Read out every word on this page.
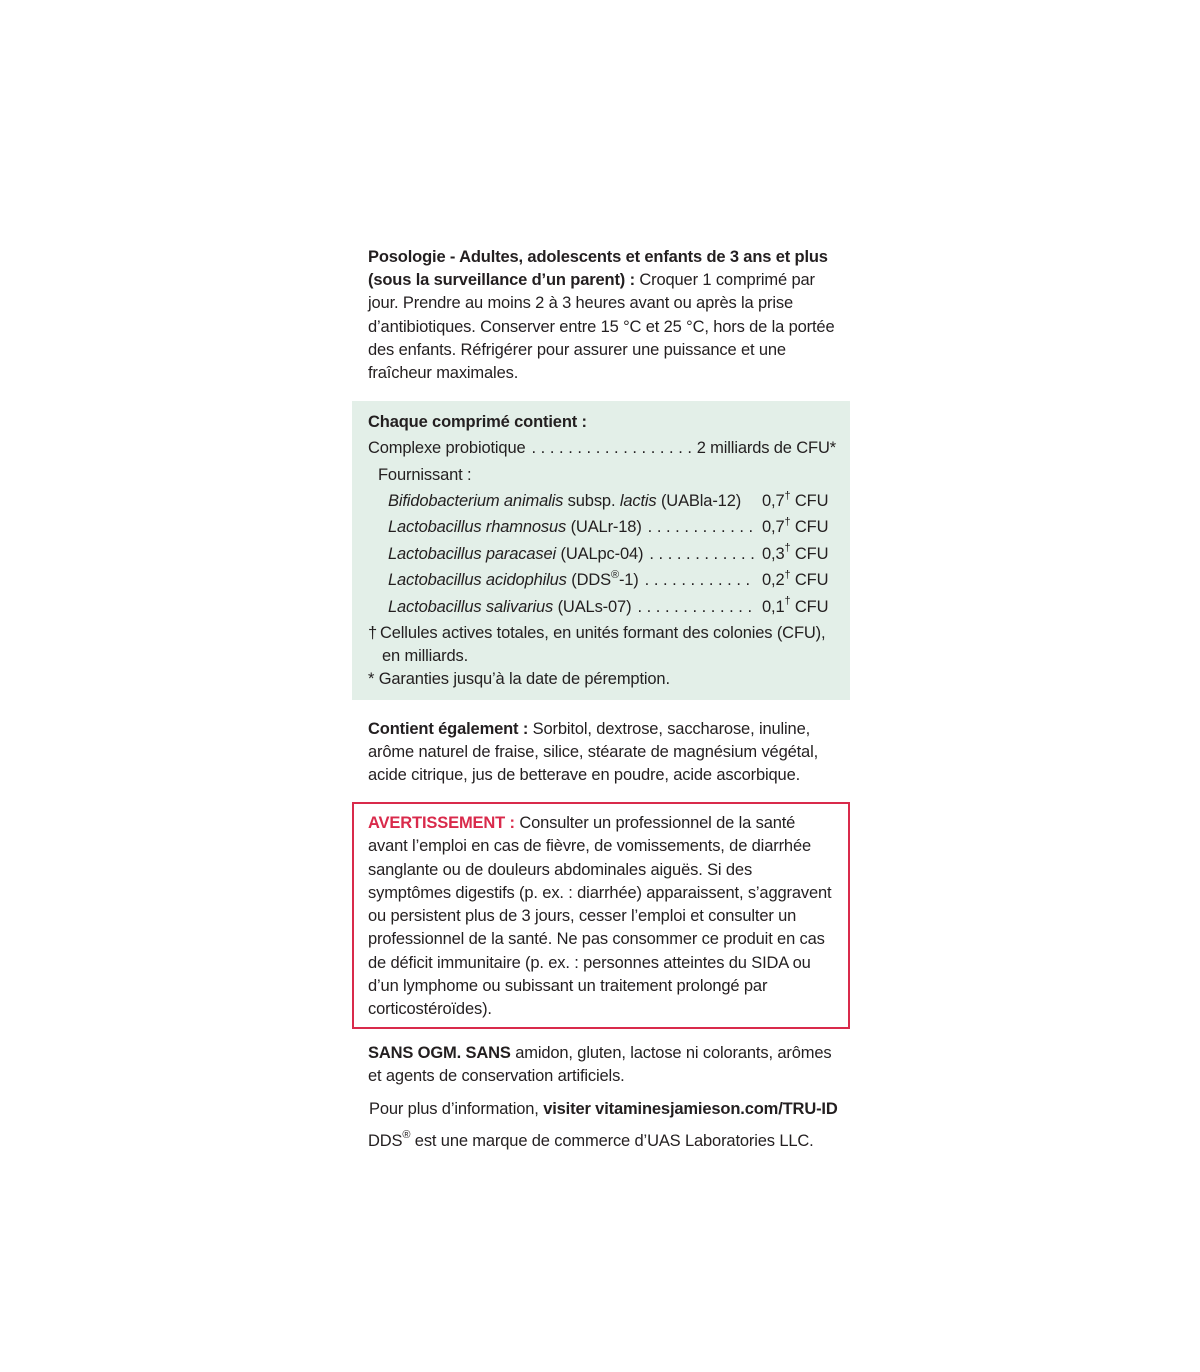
Posologie - Adultes, adolescents et enfants de 3 ans et plus (sous la surveillance d’un parent) : Croquer 1 comprimé par jour. Prendre au moins 2 à 3 heures avant ou après la prise d’antibiotiques. Conserver entre 15 °C et 25 °C, hors de la portée des enfants. Réfrigérer pour assurer une puissance et une fraîcheur maximales.
Chaque comprimé contient :
Complexe probiotique . . .	2 milliards de CFU*
Fournissant :
Bifidobacterium animalis subsp. lactis (UABla-12) 0,7† CFU
Lactobacillus rhamnosus (UALr-18) . . .	0,7† CFU
Lactobacillus paracasei (UALpc-04) . . .	0,3† CFU
Lactobacillus acidophilus (DDS®-1) . . .	0,2† CFU
Lactobacillus salivarius (UALs-07) . . .	0,1† CFU
† Cellules actives totales, en unités formant des colonies (CFU),
en milliards.
* Garanties jusqu’à la date de péremption.
Contient également : Sorbitol, dextrose, saccharose, inuline, arôme naturel de fraise, silice, stéarate de magnésium végétal, acide citrique, jus de betterave en poudre, acide ascorbique.
AVERTISSEMENT : Consulter un professionnel de la santé avant l’emploi en cas de fièvre, de vomissements, de diarrhée sanglante ou de douleurs abdominales aiguës. Si des symptômes digestifs (p. ex. : diarrhée) apparaissent, s’aggravent ou persistent plus de 3 jours, cesser l’emploi et consulter un professionnel de la santé. Ne pas consommer ce produit en cas de déficit immunitaire (p. ex. : personnes atteintes du SIDA ou d’un lymphome ou subissant un traitement prolongé par corticostéroïdes).
SANS OGM. SANS amidon, gluten, lactose ni colorants, arômes et agents de conservation artificiels.
Pour plus d’information, visiter vitaminesjamieson.com/TRU-ID
DDS® est une marque de commerce d’UAS Laboratories LLC.
